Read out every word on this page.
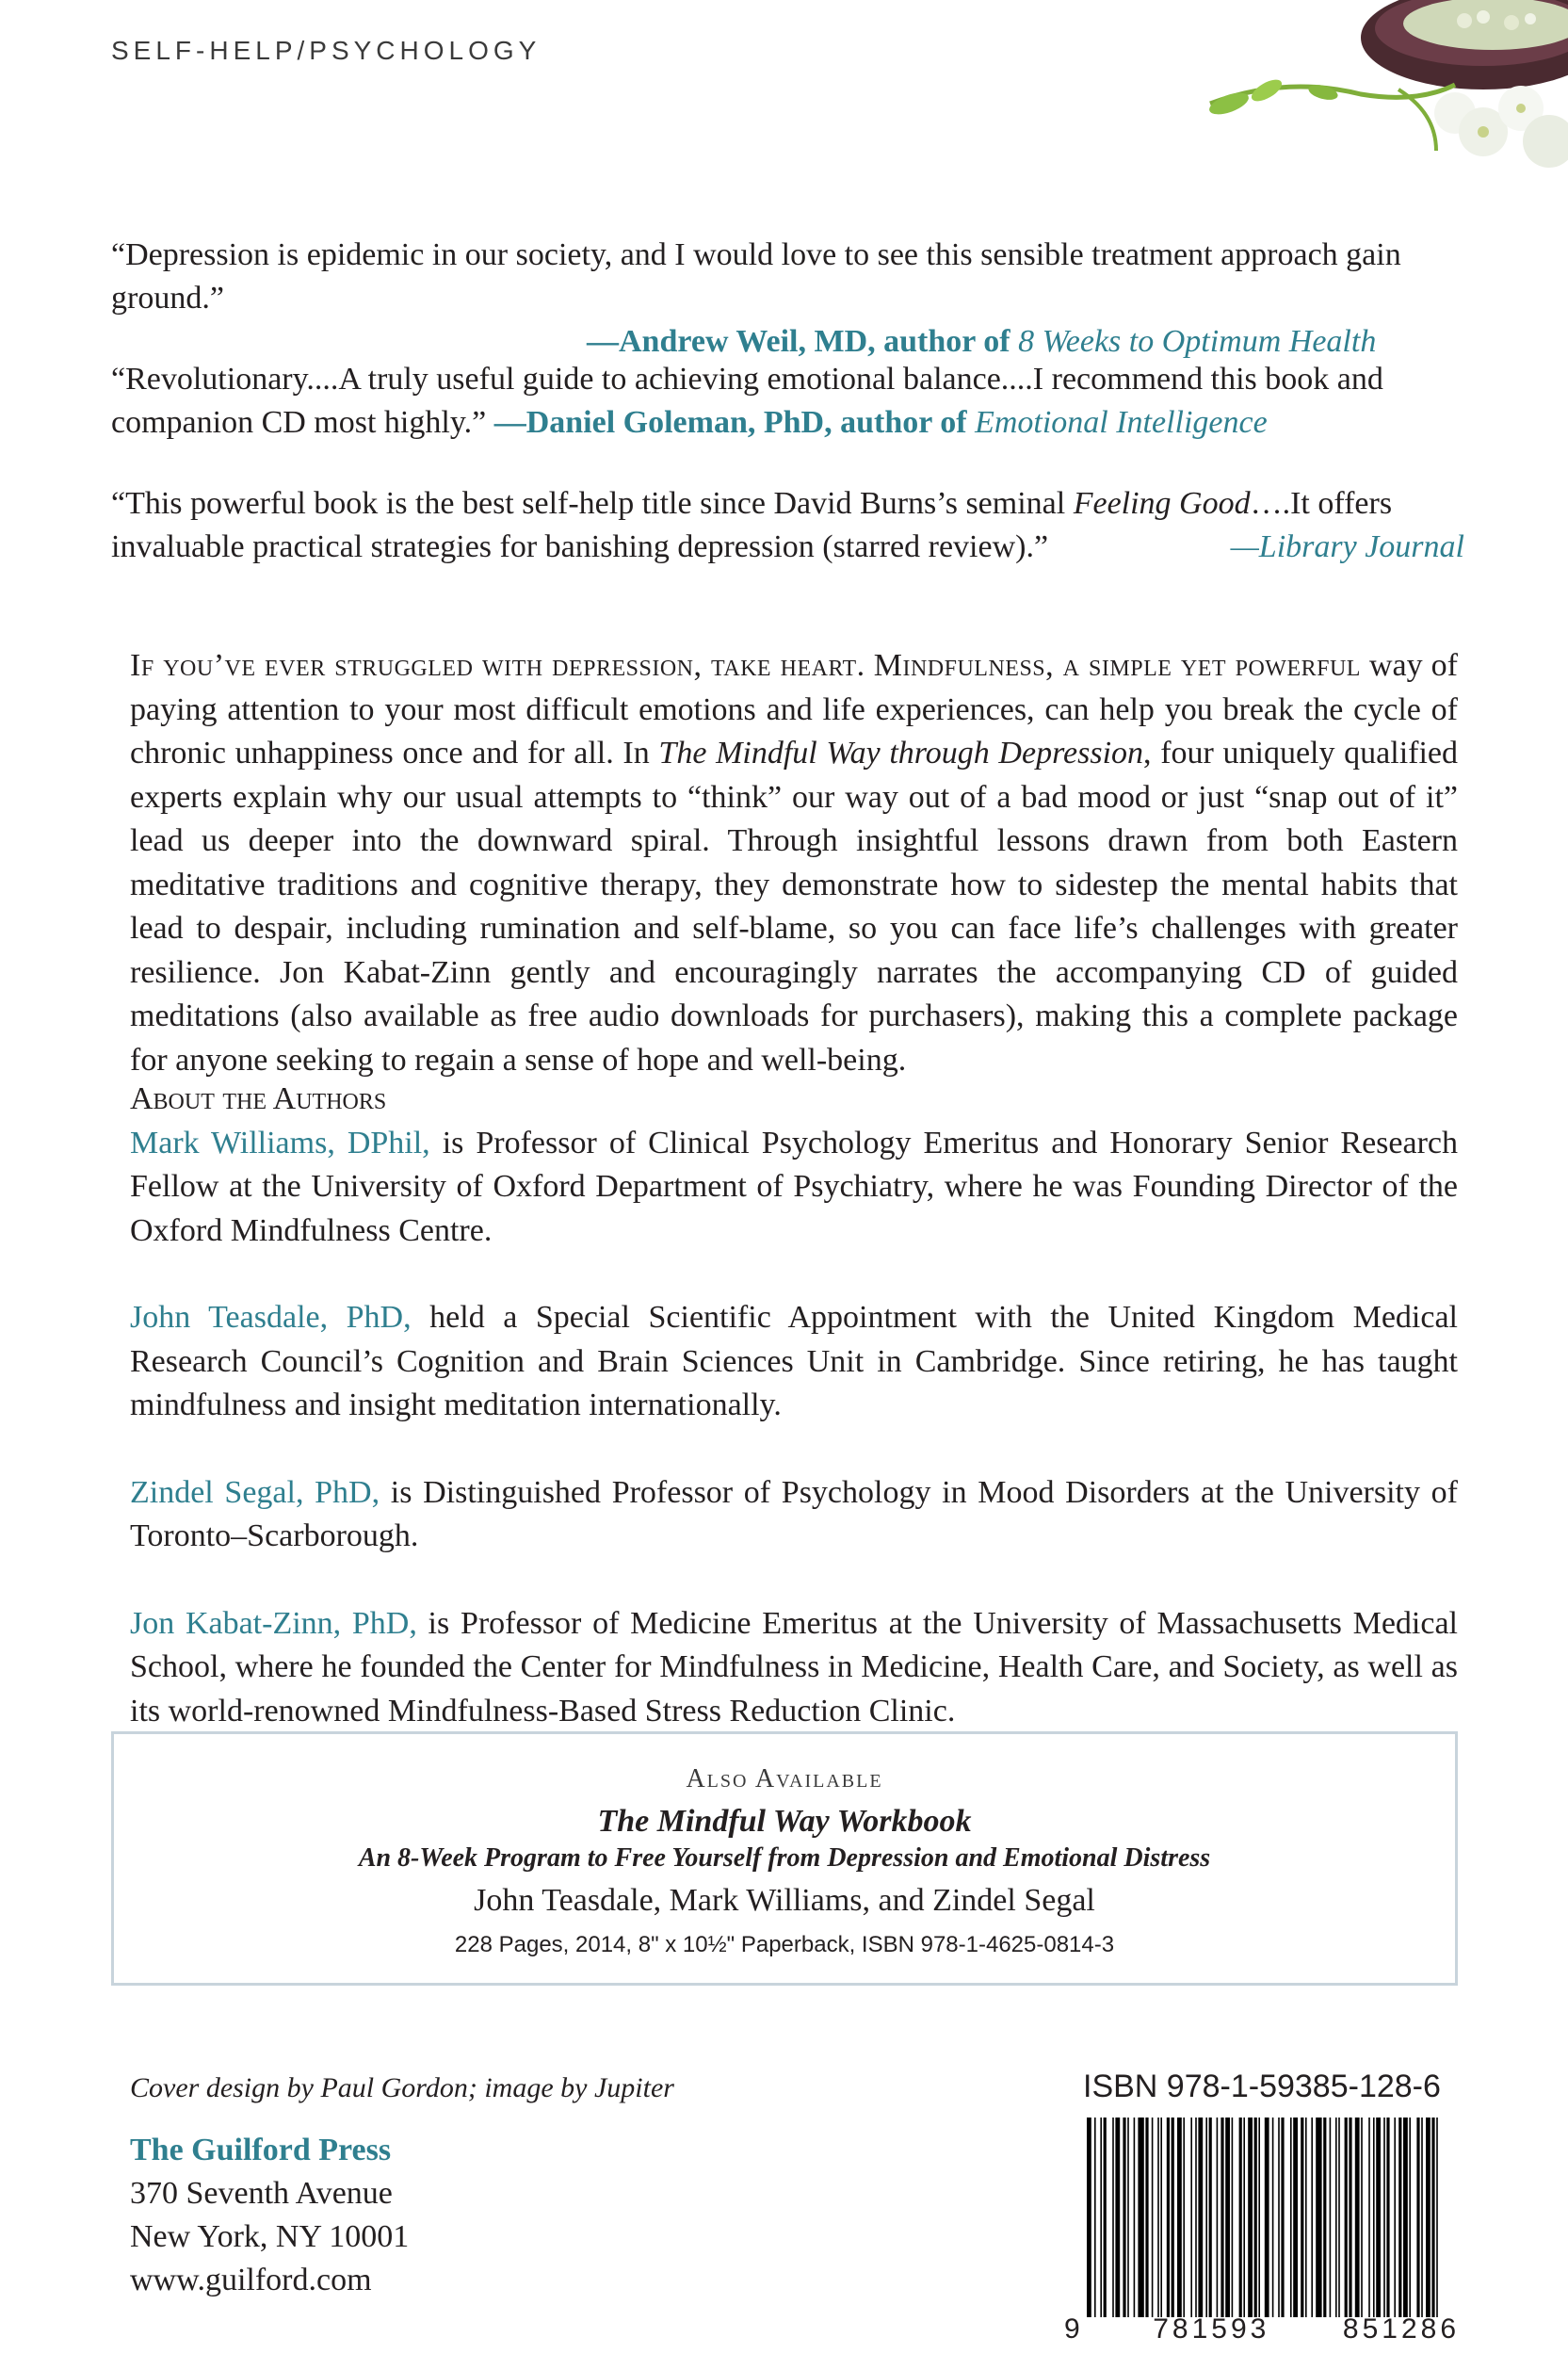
SELF-HELP/PSYCHOLOGY
“Depression is epidemic in our society, and I would love to see this sensible treatment approach gain ground.”
—Andrew Weil, MD, author of 8 Weeks to Optimum Health
“Revolutionary....A truly useful guide to achieving emotional balance....I recommend this book and companion CD most highly.” —Daniel Goleman, PhD, author of Emotional Intelligence
“This powerful book is the best self-help title since David Burns’s seminal Feeling Good….It offers invaluable practical strategies for banishing depression (starred review).”	—Library Journal
If you’ve ever struggled with depression, take heart. Mindfulness, a simple yet powerful way of paying attention to your most difficult emotions and life experiences, can help you break the cycle of chronic unhappiness once and for all. In The Mindful Way through Depression, four uniquely qualified experts explain why our usual attempts to “think” our way out of a bad mood or just “snap out of it” lead us deeper into the downward spiral. Through insightful lessons drawn from both Eastern meditative traditions and cognitive therapy, they demonstrate how to sidestep the mental habits that lead to despair, including rumination and self-blame, so you can face life’s challenges with greater resilience. Jon Kabat-Zinn gently and encouragingly narrates the accompanying CD of guided meditations (also available as free audio downloads for purchasers), making this a complete package for anyone seeking to regain a sense of hope and well-being.
About the Authors
Mark Williams, DPhil, is Professor of Clinical Psychology Emeritus and Honorary Senior Research Fellow at the University of Oxford Department of Psychiatry, where he was Founding Director of the Oxford Mindfulness Centre.
John Teasdale, PhD, held a Special Scientific Appointment with the United Kingdom Medical Research Council’s Cognition and Brain Sciences Unit in Cambridge. Since retiring, he has taught mindfulness and insight meditation internationally.
Zindel Segal, PhD, is Distinguished Professor of Psychology in Mood Disorders at the University of Toronto–Scarborough.
Jon Kabat-Zinn, PhD, is Professor of Medicine Emeritus at the University of Massachusetts Medical School, where he founded the Center for Mindfulness in Medicine, Health Care, and Society, as well as its world-renowned Mindfulness-Based Stress Reduction Clinic.
Also Available
The Mindful Way Workbook
An 8-Week Program to Free Yourself from Depression and Emotional Distress
John Teasdale, Mark Williams, and Zindel Segal
228 Pages, 2014, 8" x 10½" Paperback, ISBN 978-1-4625-0814-3
Cover design by Paul Gordon; image by Jupiter
The Guilford Press
370 Seventh Avenue
New York, NY 10001
www.guilford.com
ISBN 978-1-59385-128-6
9	781593	851286
